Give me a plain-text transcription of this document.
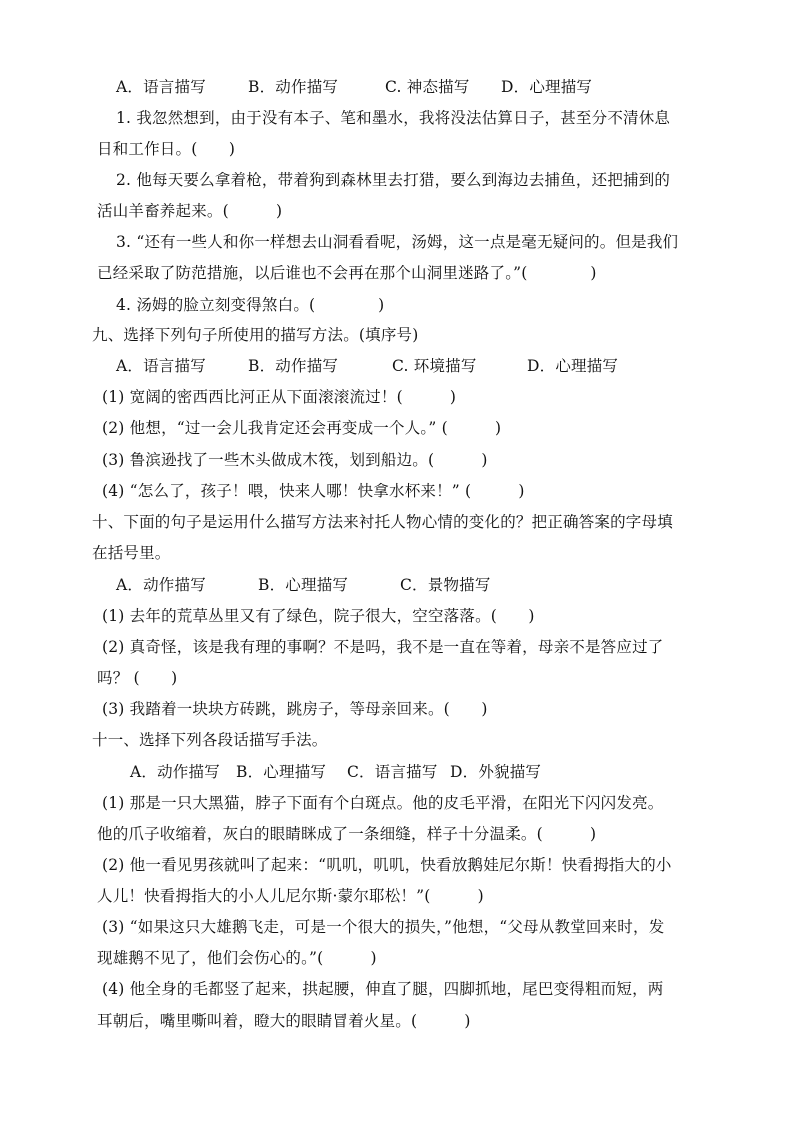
A．语言描写	B．动作描写	C. 神态描写	D．心理描写
1. 我忽然想到，由于没有本子、笔和墨水，我将没法估算日子，甚至分不清休息
日和工作日。(　　)
2. 他每天要么拿着枪，带着狗到森林里去打猎，要么到海边去捕鱼，还把捕到的
活山羊畜养起来。(　　　)
3. “还有一些人和你一样想去山洞看看呢，汤姆，这一点是毫无疑问的。但是我们
已经采取了防范措施，以后谁也不会再在那个山洞里迷路了。”(　　　　)
4. 汤姆的脸立刻变得煞白。(　　　　)
九、选择下列句子所使用的描写方法。(填序号)
A．语言描写	B．动作描写	C. 环境描写	D．心理描写
(1) 宽阔的密西西比河正从下面滚滚流过！(　　　)
(2) 他想，“过一会儿我肯定还会再变成一个人。” (　　　)
(3) 鲁滨逊找了一些木头做成木筏，划到船边。(　　　)
(4) “怎么了，孩子！喂，快来人哪！快拿水杯来！” (　　　)
十、下面的句子是运用什么描写方法来衬托人物心情的变化的？把正确答案的字母填
在括号里。
A．动作描写	B．心理描写	C．景物描写
(1) 去年的荒草丛里又有了绿色，院子很大，空空落落。(　　)
(2) 真奇怪，该是我有理的事啊？不是吗，我不是一直在等着，母亲不是答应过了
吗？ (　　)
(3) 我踏着一块块方砖跳，跳房子，等母亲回来。(　　)
十一、选择下列各段话描写手法。
A．动作描写	B．心理描写	C．语言描写 D．外貌描写
(1) 那是一只大黑猫，脖子下面有个白斑点。他的皮毛平滑，在阳光下闪闪发亮。
他的爪子收缩着，灰白的眼睛眯成了一条细缝，样子十分温柔。(　　　)
(2) 他一看见男孩就叫了起来：“叽叽，叽叽，快看放鹅娃尼尔斯！快看拇指大的小
人儿！快看拇指大的小人儿尼尔斯·蒙尔耶松！”(　　　)
(3) “如果这只大雄鹅飞走，可是一个很大的损失，”他想，“父母从教堂回来时，发
现雄鹅不见了，他们会伤心的。”(　　　)
(4) 他全身的毛都竖了起来，拱起腰，伸直了腿，四脚抓地，尾巴变得粗而短，两
耳朝后，嘴里嘶叫着，瞪大的眼睛冒着火星。(　　　)
